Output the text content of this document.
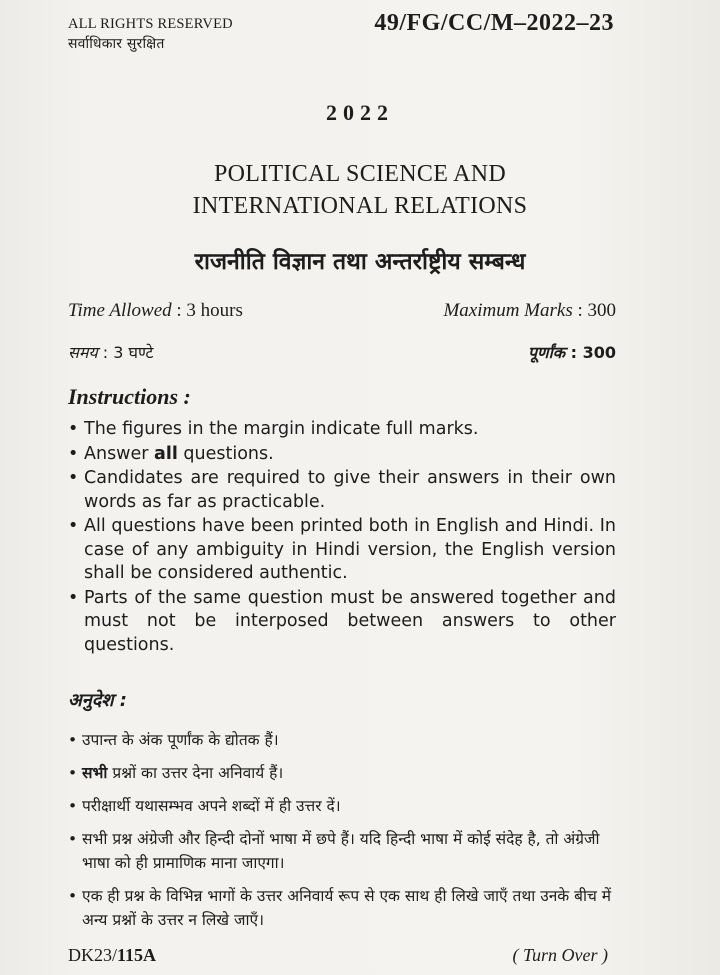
ALL RIGHTS RESERVED
सर्वाधिकार सुरक्षित
49/FG/CC/M–2022–23
2022
POLITICAL SCIENCE AND
INTERNATIONAL RELATIONS
राजनीति विज्ञान तथा अन्तर्राष्ट्रीय सम्बन्ध
Time Allowed : 3 hours	Maximum Marks : 300
समय : 3 घण्टे	पूर्णांक : 300
Instructions :
• The figures in the margin indicate full marks.
• Answer all questions.
• Candidates are required to give their answers in their own words as far as practicable.
• All questions have been printed both in English and Hindi. In case of any ambiguity in Hindi version, the English version shall be considered authentic.
• Parts of the same question must be answered together and must not be interposed between answers to other questions.
अनुदेश :
• उपान्त के अंक पूर्णांक के द्योतक हैं।
• सभी प्रश्नों का उत्तर देना अनिवार्य हैं।
• परीक्षार्थी यथासम्भव अपने शब्दों में ही उत्तर दें।
• सभी प्रश्न अंग्रेजी और हिन्दी दोनों भाषा में छपे हैं। यदि हिन्दी भाषा में कोई संदेह है, तो अंग्रेजी भाषा को ही प्रामाणिक माना जाएगा।
• एक ही प्रश्न के विभिन्न भागों के उत्तर अनिवार्य रूप से एक साथ ही लिखे जाएँ तथा उनके बीच में अन्य प्रश्नों के उत्तर न लिखे जाएँ।
DK23/115A	( Turn Over )
